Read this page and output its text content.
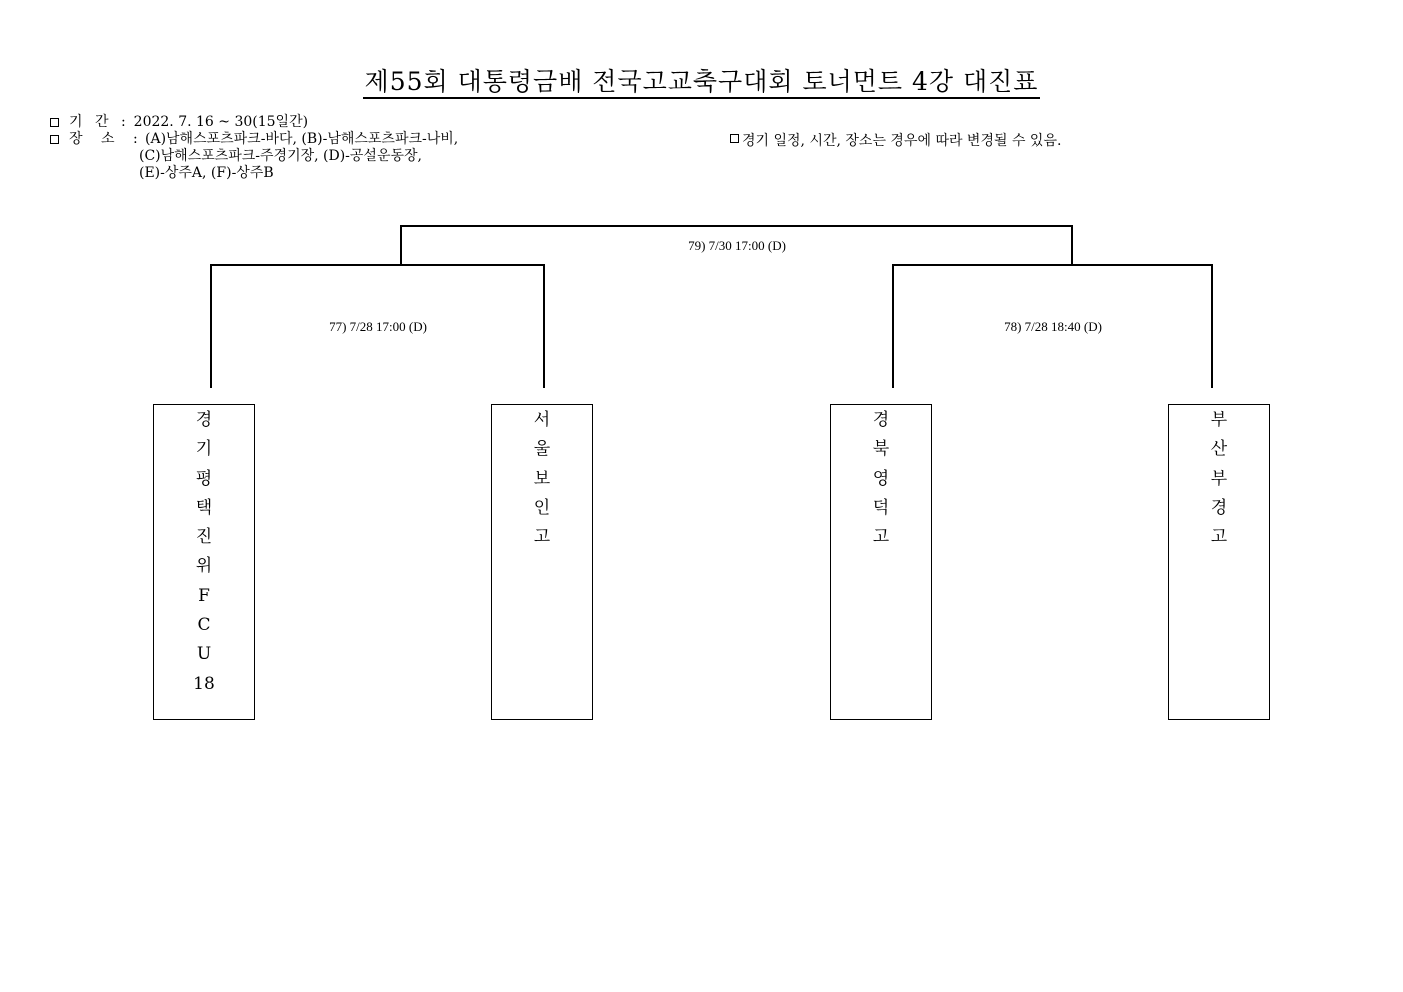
제55회 대통령금배 전국고교축구대회 토너먼트 4강 대진표
기 간 : 2022. 7. 16 ~ 30(15일간)
장 소 : (A)남해스포츠파크-바다, (B)-남해스포츠파크-나비,
(C)남해스포츠파크-주경기장, (D)-공설운동장,
(E)-상주A, (F)-상주B
경기 일정, 시간, 장소는 경우에 따라 변경될 수 있음.
79) 7/30 17:00 (D)
77) 7/28 17:00 (D)	78) 7/28 18:40 (D)
경
기
평
택
진
위
F
C
U
18
서
울
보
인
고
경
북
영
덕
고
부
산
부
경
고
